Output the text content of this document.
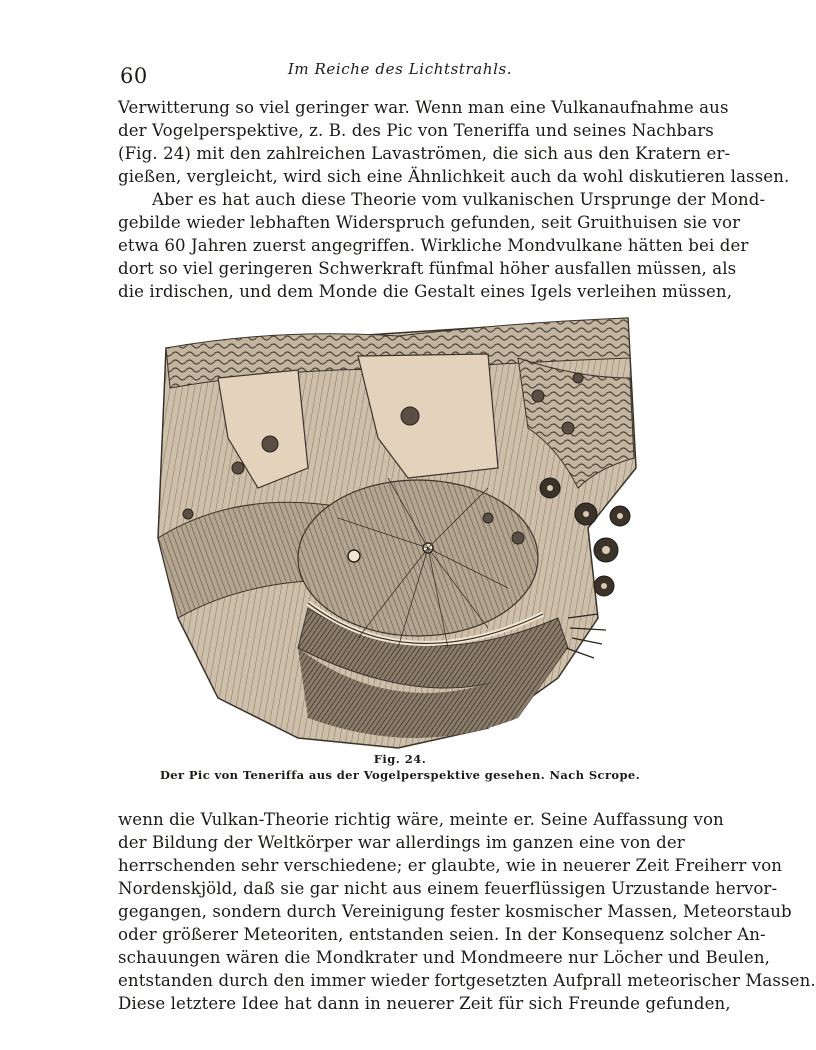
60	Im Reiche des Lichtstrahls.
Verwitterung so viel geringer war. Wenn man eine Vulkanaufnahme aus
der Vogelperspektive, z. B. des Pic von Teneriffa und seines Nachbars
(Fig. 24) mit den zahlreichen Lavaströmen, die sich aus den Kratern er-
gießen, vergleicht, wird sich eine Ähnlichkeit auch da wohl diskutieren lassen.
Aber es hat auch diese Theorie vom vulkanischen Ursprunge der Mond-
gebilde wieder lebhaften Widerspruch gefunden, seit Gruithuisen sie vor
etwa 60 Jahren zuerst angegriffen. Wirkliche Mondvulkane hätten bei der
dort so viel geringeren Schwerkraft fünfmal höher ausfallen müssen, als
die irdischen, und dem Monde die Gestalt eines Igels verleihen müssen,
Fig. 24.
Der Pic von Teneriffa aus der Vogelperspektive gesehen. Nach Scrope.
wenn die Vulkan-Theorie richtig wäre, meinte er. Seine Auffassung von
der Bildung der Weltkörper war allerdings im ganzen eine von der
herrschenden sehr verschiedene; er glaubte, wie in neuerer Zeit Freiherr von
Nordenskjöld, daß sie gar nicht aus einem feuerflüssigen Urzustande hervor-
gegangen, sondern durch Vereinigung fester kosmischer Massen, Meteorstaub
oder größerer Meteoriten, entstanden seien. In der Konsequenz solcher An-
schauungen wären die Mondkrater und Mondmeere nur Löcher und Beulen,
entstanden durch den immer wieder fortgesetzten Aufprall meteorischer Massen.
Diese letztere Idee hat dann in neuerer Zeit für sich Freunde gefunden,
